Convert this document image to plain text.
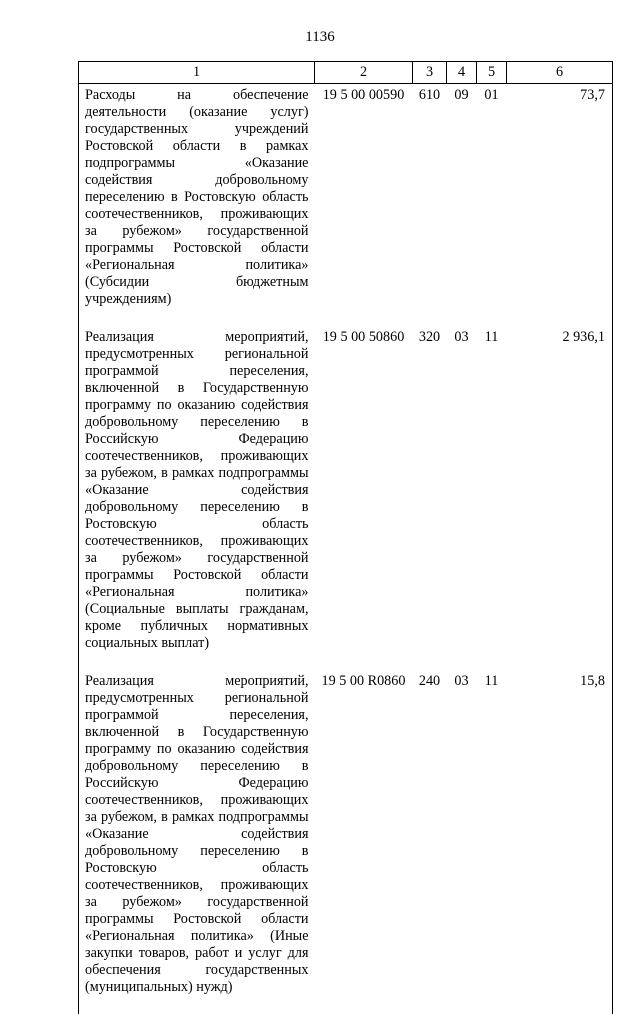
1136
1	2	3	4	5	6
Расходы на обеспечение деятельности (оказание услуг) государственных учреждений Ростовской области в рамках подпрограммы «Оказание содействия добровольному переселению в Ростовскую область соотечественников, проживающих за рубежом» государственной программы Ростовской области «Региональная политика» (Субсидии бюджетным учреждениям)	19 5 00 00590	610	09	01	73,7
Реализация мероприятий, предусмотренных региональной программой переселения, включенной в Государственную программу по оказанию содействия добровольному переселению в Российскую Федерацию соотечественников, проживающих за рубежом, в рамках подпрограммы «Оказание содействия добровольному переселению в Ростовскую область соотечественников, проживающих за рубежом» государственной программы Ростовской области «Региональная политика» (Социальные выплаты гражданам, кроме публичных нормативных социальных выплат)	19 5 00 50860	320	03	11	2 936,1
Реализация мероприятий, предусмотренных региональной программой переселения, включенной в Государственную программу по оказанию содействия добровольному переселению в Российскую Федерацию соотечественников, проживающих за рубежом, в рамках подпрограммы «Оказание содействия добровольному переселению в Ростовскую область соотечественников, проживающих за рубежом» государственной программы Ростовской области «Региональная политика» (Иные закупки товаров, работ и услуг для обеспечения государственных (муниципальных) нужд)	19 5 00 R0860	240	03	11	15,8
